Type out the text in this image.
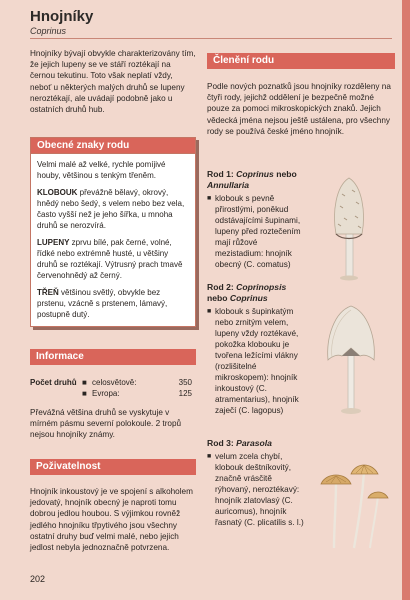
Hnojníky
Coprinus
Hnojníky bývají obvykle charakterizovány tím, že jejich lupeny se ve stáří roztékají na černou tekutinu. Toto však neplatí vždy, neboť u některých malých druhů se lupeny neroztékají, ale uvádají podobně jako u ostatních druhů hub.
Obecné znaky rodu

Velmi malé až velké, rychle pomíjivé houby, většinou s tenkým třeněm.

KLOBOUK převážně bělavý, okrový, hnědý nebo šedý, s velem nebo bez vela, často vyšší než je jeho šířka, u mnoha druhů se nerozvírá.

LUPENY zprvu bílé, pak černé, volné, řídké nebo extrémně husté, u většiny druhů se roztékají. Výtrusný prach tmavě červenohnědý až černý.

TŘEŇ většinou světlý, obvykle bez prstenu, vzácně s prstenem, lámavý, postupně dutý.

Informace
Počet druhů	■	celosvětově:	350
	■	Evropa:	125
Převážná většina druhů se vyskytuje v mírném pásmu severní polokoule. 2 tropů nejsou hnojníky známy.
Poživatelnost
Hnojník inkoustový je ve spojení s alkoholem jedovatý, hnojník obecný je naproti tomu dobrou jedlou houbou. S výjimkou rovněž jedlého hnojníku třpytivého jsou všechny ostatní druhy buď velmi malé, nebo jejich jedlost nebyla jednoznačně potvrzena.
202
Členění rodu
Podle nových poznatků jsou hnojníky rozděleny na čtyři rody, jejichž oddělení je bezpečně možné pouze za pomoci mikroskopických znaků. Jejich vědecká jména nejsou ještě ustálena, pro všechny rody se používá české jméno hnojník.
Rod 1: Coprinus nebo Annullaria
■ klobouk s pevně přirostlými, poněkud odstávajícími šupinami, lupeny před roztečením mají růžové mezistadium: hnojník obecný (C. comatus)
Rod 2: Coprinopsis nebo Coprinus
■ klobouk s šupinkatým nebo zrnitým velem, lupeny vždy roztékavé, pokožka klobouku je tvořena ležícími vlákny (rozlišitelné mikroskopem): hnojník inkoustový (C. atramentarius), hnojník zaječí (C. lagopus)
Rod 3: Parasola
■ velum zcela chybí, klobouk deštníkovitý, značně vrásčitě rýhovaný, neroztékavý: hnojník zlatovlasý (C. auricomus), hnojník řasnatý (C. plicatilis s. l.)
